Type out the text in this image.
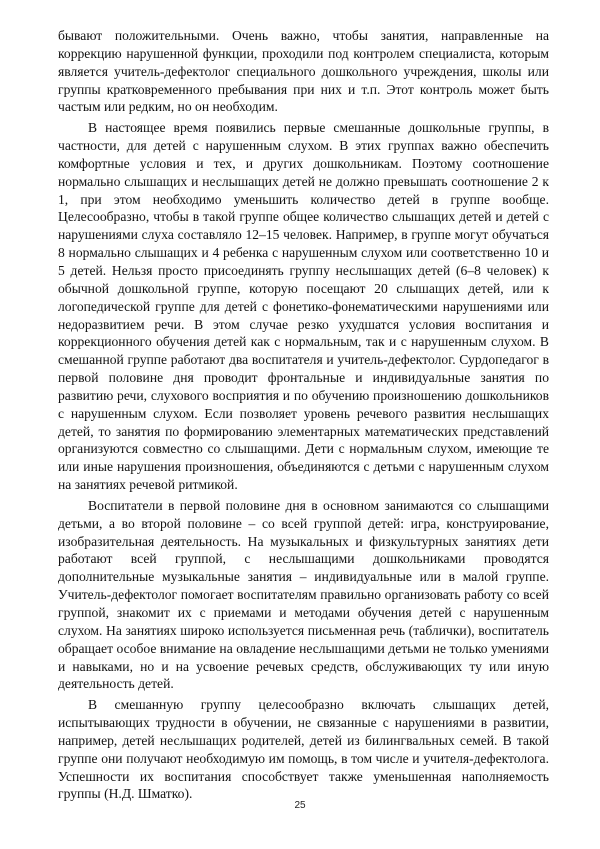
бывают положительными. Очень важно, чтобы занятия, направленные на коррекцию нарушенной функции, проходили под контролем специалиста, которым является учитель-дефектолог специального дошкольного учреждения, школы или группы кратковременного пребывания при них и т.п. Этот контроль может быть частым или редким, но он необходим.

В настоящее время появились первые смешанные дошкольные группы, в частности, для детей с нарушенным слухом. В этих группах важно обеспечить комфортные условия и тех, и других дошкольникам. Поэтому соотношение нормально слышащих и неслышащих детей не должно превышать соотношение 2 к 1, при этом необходимо уменьшить количество детей в группе вообще. Целесообразно, чтобы в такой группе общее количество слышащих детей и детей с нарушениями слуха составляло 12–15 человек. Например, в группе могут обучаться 8 нормально слышащих и 4 ребенка с нарушенным слухом или соответственно 10 и 5 детей. Нельзя просто присоединять группу неслышащих детей (6–8 человек) к обычной дошкольной группе, которую посещают 20 слышащих детей, или к логопедической группе для детей с фонетико-фонематическими нарушениями или недоразвитием речи. В этом случае резко ухудшатся условия воспитания и коррекционного обучения детей как с нормальным, так и с нарушенным слухом. В смешанной группе работают два воспитателя и учитель-дефектолог. Сурдопедагог в первой половине дня проводит фронтальные и индивидуальные занятия по развитию речи, слухового восприятия и по обучению произношению дошкольников с нарушенным слухом. Если позволяет уровень речевого развития неслышащих детей, то занятия по формированию элементарных математических представлений организуются совместно со слышащими. Дети с нормальным слухом, имеющие те или иные нарушения произношения, объединяются с детьми с нарушенным слухом на занятиях речевой ритмикой.

Воспитатели в первой половине дня в основном занимаются со слышащими детьми, а во второй половине – со всей группой детей: игра, конструирование, изобразительная деятельность. На музыкальных и физкультурных занятиях дети работают всей группой, с неслышащими дошкольниками проводятся дополнительные музыкальные занятия – индивидуальные или в малой группе. Учитель-дефектолог помогает воспитателям правильно организовать работу со всей группой, знакомит их с приемами и методами обучения детей с нарушенным слухом. На занятиях широко используется письменная речь (таблички), воспитатель обращает особое внимание на овладение неслышащими детьми не только умениями и навыками, но и на усвоение речевых средств, обслуживающих ту или иную деятельность детей.

В смешанную группу целесообразно включать слышащих детей, испытывающих трудности в обучении, не связанные с нарушениями в развитии, например, детей неслышащих родителей, детей из билингвальных семей. В такой группе они получают необходимую им помощь, в том числе и учителя-дефектолога. Успешности их воспитания способствует также уменьшенная наполняемость группы (Н.Д. Шматко).

25
